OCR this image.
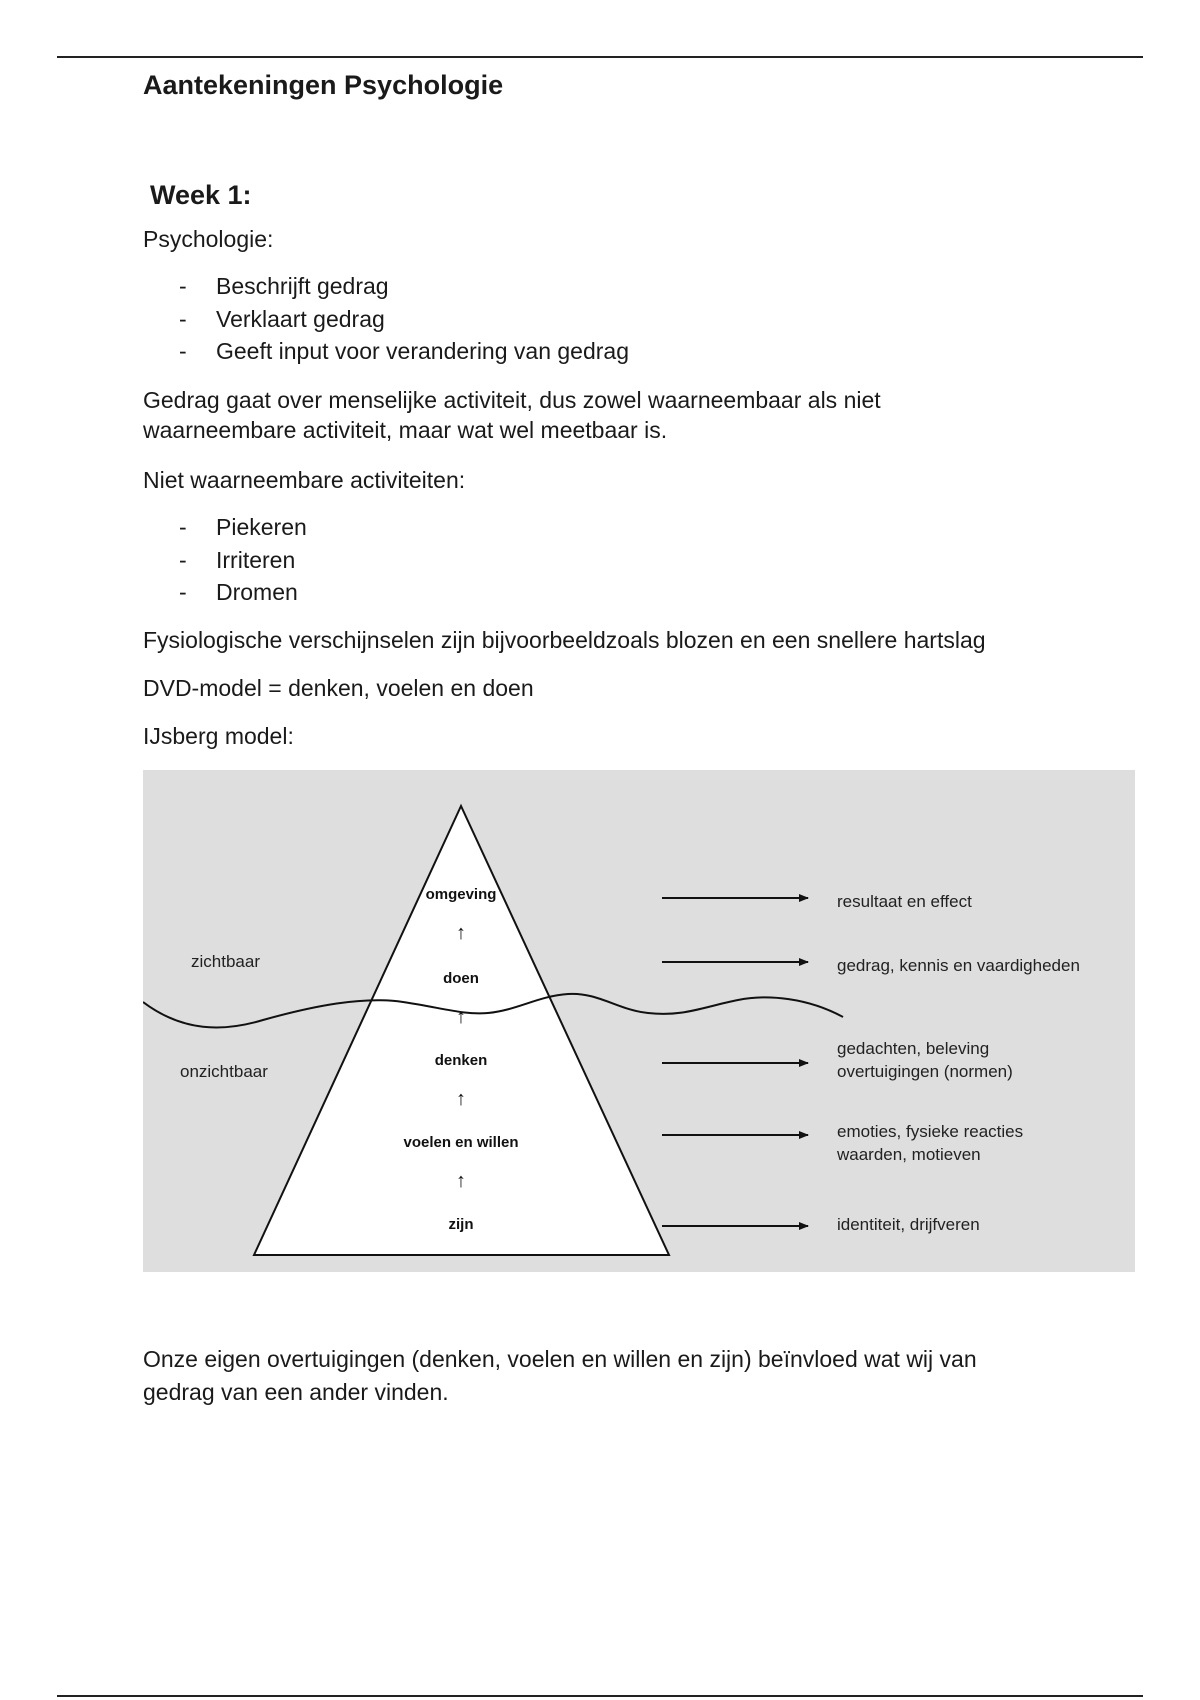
Aantekeningen Psychologie
Week 1:

Psychologie:

- Beschrijft gedrag
- Verklaart gedrag
- Geeft input voor verandering van gedrag

Gedrag gaat over menselijke activiteit, dus zowel waarneembaar als niet
waarneembare activiteit, maar wat wel meetbaar is.

Niet waarneembare activiteiten:

- Piekeren
- Irriteren
- Dromen

Fysiologische verschijnselen zijn bijvoorbeeldzoals blozen en een snellere hartslag

DVD-model = denken, voelen en doen

IJsberg model:

zichtbaar
onzichtbaar
omgeving
↑
doen
↑
denken
↑
voelen en willen
↑
zijn
resultaat en effect
gedrag, kennis en vaardigheden
gedachten, beleving
overtuigingen (normen)
emoties, fysieke reacties
waarden, motieven
identiteit, drijfveren

Onze eigen overtuigingen (denken, voelen en willen en zijn) beïnvloed wat wij van
gedrag van een ander vinden.
